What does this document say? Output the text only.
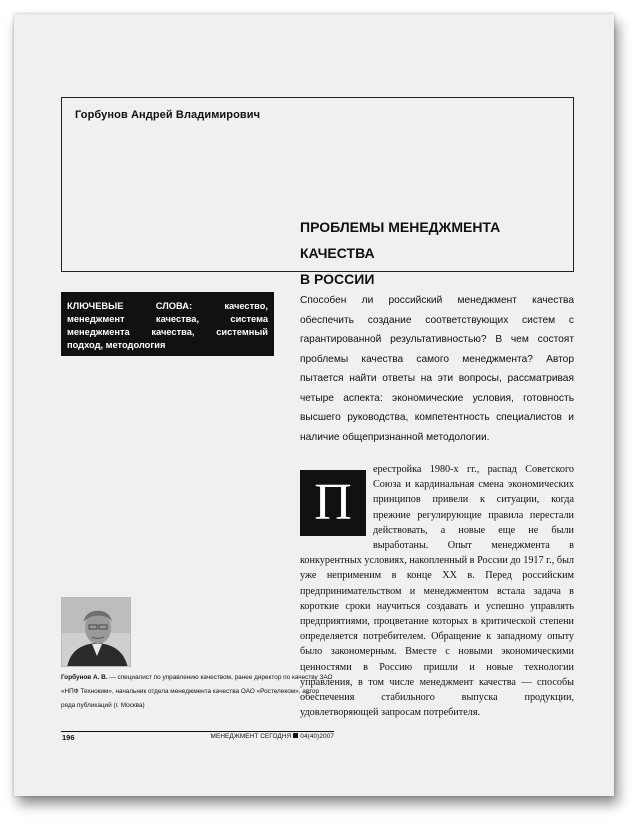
Горбунов Андрей Владимирович
ПРОБЛЕМЫ МЕНЕДЖМЕНТА КАЧЕСТВА
В РОССИИ

КЛЮЧЕВЫЕ СЛОВА: качество, менеджмент качества, система менеджмента качества, системный подход, методология

Способен ли российский менеджмент качества обеспечить создание соответствующих систем с гарантированной результативностью? В чем состоят проблемы качества самого менеджмента? Автор пытается найти ответы на эти вопросы, рассматривая четыре аспекта: экономические условия, готовность высшего руководства, компетентность специалистов и наличие общепризнанной методологии.

П

ерестройка 1980-х гг., распад Советского Союза и кардинальная смена экономических принципов привели к ситуации, когда прежние регулирующие правила перестали действовать, а новые еще не были выработаны. Опыт менеджмента в конкурентных условиях, накопленный в России до 1917 г., был уже неприменим в конце XX в. Перед российским предпринимательством и менеджментом встала задача в короткие сроки научиться создавать и успешно управлять предприятиями, процветание которых в критической степени определяется потребителем. Обращение к западному опыту было закономерным. Вместе с новыми экономическими ценностями в Россию пришли и новые технологии управления, в том числе менеджмент качества — способы обеспечения стабильного выпуска продукции, удовлетворяющей запросам потребителя.

Горбунов А. В. — специалист по управлению качеством, ранее директор по качеству ЗАО «НПФ Техноким», начальник отдела менеджмента качества ОАО «Ростелеком», автор ряда публикаций (г. Москва)

196	МЕНЕДЖМЕНТ СЕГОДНЯ 04(40)2007
